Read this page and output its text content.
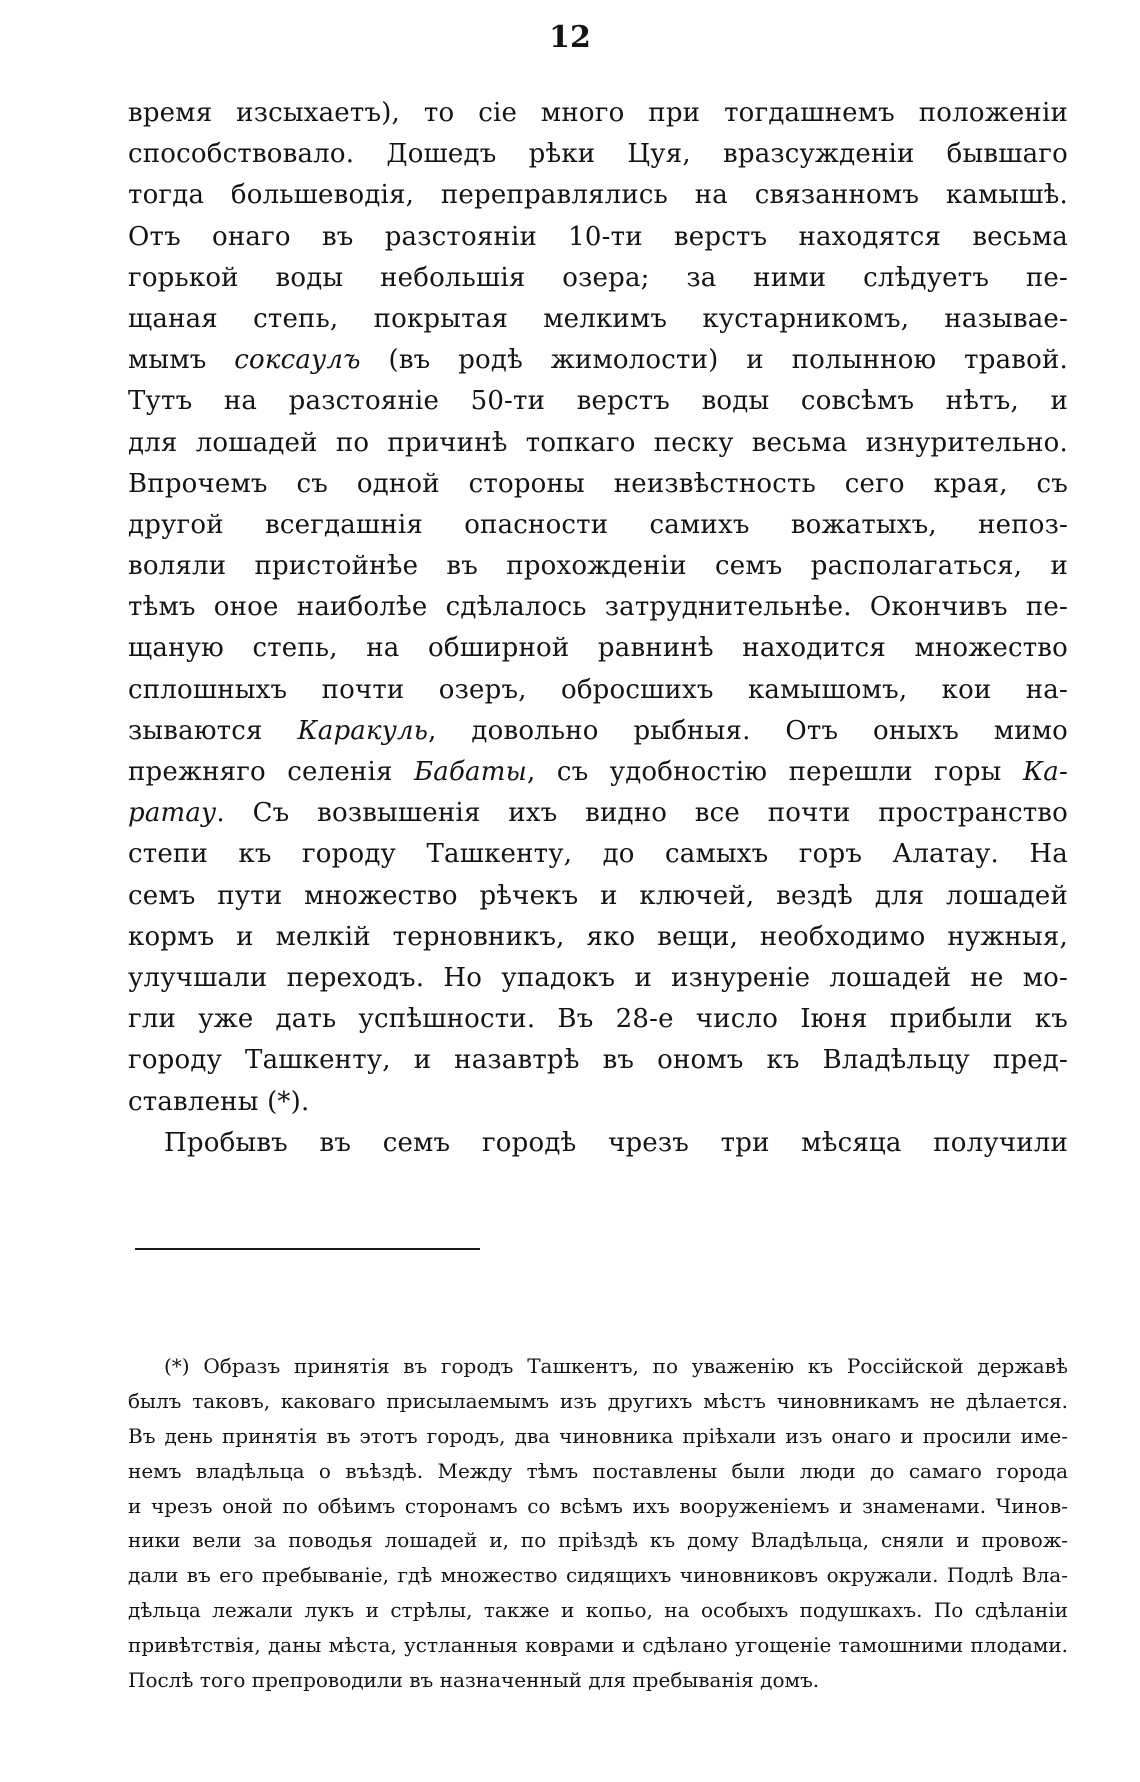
12
время изсыхаетъ), то сiе много при тогдашнемъ положенiи
способствовало. Дошедъ рѣки Цуя, вразсужденiи бывшаго
тогда большеводiя, переправлялись на связанномъ камышѣ.
Отъ онаго въ разстоянiи 10-ти верстъ находятся весьма
горькой воды небольшiя озера; за ними слѣдуетъ пе-
щаная степь, покрытая мелкимъ кустарникомъ, называе-
мымъ соксаулъ (въ родѣ жимолости) и полынною травой.
Тутъ на разстоянiе 50-ти верстъ воды совсѣмъ нѣтъ, и
для лошадей по причинѣ топкаго песку весьма изнурительно.
Впрочемъ съ одной стороны неизвѣстность сего края, съ
другой всегдашнiя опасности самихъ вожатыхъ, непоз-
воляли пристойнѣе въ прохожденiи семъ располагаться, и
тѣмъ оное наиболѣе сдѣлалось затруднительнѣе. Окончивъ пе-
щаную степь, на обширной равнинѣ находится множество
сплошныхъ почти озеръ, обросшихъ камышомъ, кои на-
зываются Каракуль, довольно рыбныя. Отъ оныхъ мимо
прежняго селенiя Бабаты, съ удобностiю перешли горы Ка-
ратау. Съ возвышенiя ихъ видно все почти пространство
степи къ городу Ташкенту, до самыхъ горъ Алатау. На
семъ пути множество рѣчекъ и ключей, вездѣ для лошадей
кормъ и мелкiй терновникъ, яко вещи, необходимо нужныя,
улучшали переходъ. Но упадокъ и изнуренiе лошадей не мо-
гли уже дать успѣшности. Въ 28-е число Iюня прибыли къ
городу Ташкенту, и назавтрѣ въ ономъ къ Владѣльцу пред-
ставлены (*).
Пробывъ въ семъ городѣ чрезъ три мѣсяца получили
(*) Образъ принятiя въ городъ Ташкентъ, по уваженiю къ Россiйской державѣ
былъ таковъ, каковаго присылаемымъ изъ другихъ мѣстъ чиновникамъ не дѣлается.
Въ день принятiя въ этотъ городъ, два чиновника прiѣхали изъ онаго и просили име-
немъ владѣльца о въѣздѣ. Между тѣмъ поставлены были люди до самаго города
и чрезъ оной по обѣимъ сторонамъ со всѣмъ ихъ вооруженiемъ и знаменами. Чинов-
ники вели за поводья лошадей и, по прiѣздѣ къ дому Владѣльца, сняли и провож-
дали въ его пребыванiе, гдѣ множество сидящихъ чиновниковъ окружали. Подлѣ Вла-
дѣльца лежали лукъ и стрѣлы, также и копьо, на особыхъ подушкахъ. По сдѣланiи
привѣтствiя, даны мѣста, устланныя коврами и сдѣлано угощенiе тамошними плодами.
Послѣ того препроводили въ назначенный для пребыванiя домъ.
